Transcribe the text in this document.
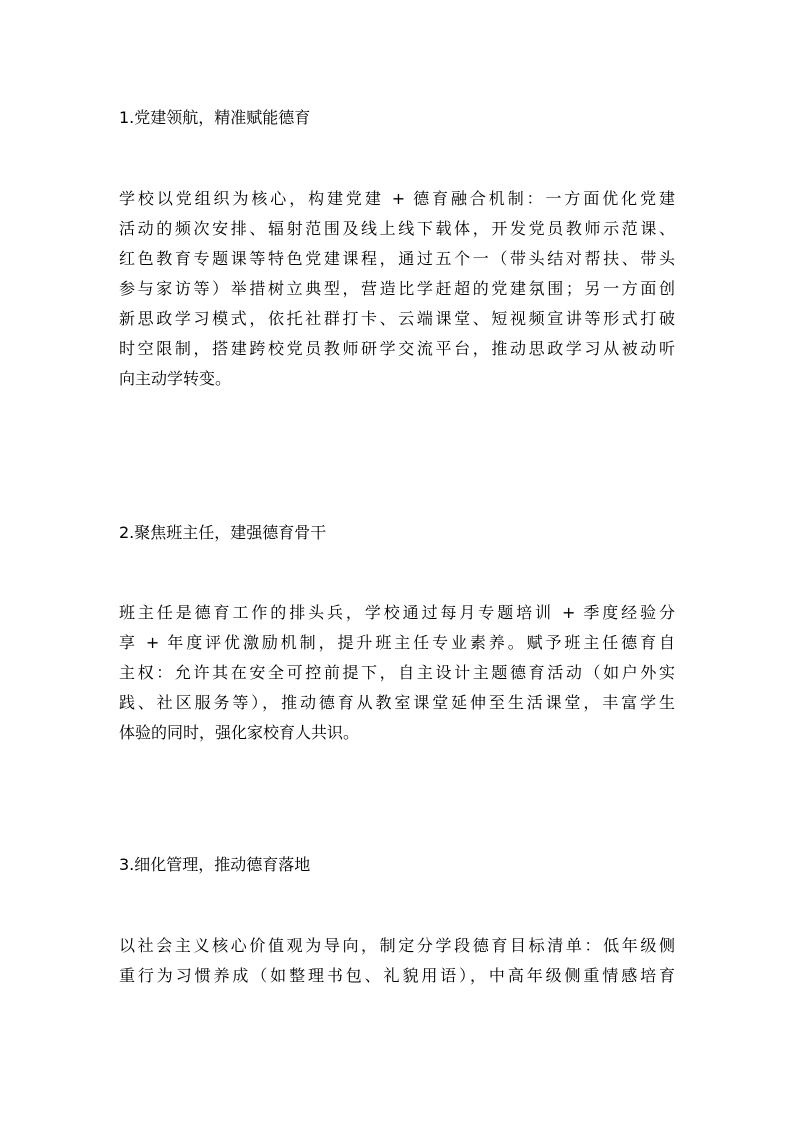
1.党建领航，精准赋能德育
学校以党组织为核心，构建党建 + 德育融合机制：一方面优化党建
活动的频次安排、辐射范围及线上线下载体，开发党员教师示范课、
红色教育专题课等特色党建课程，通过五个一（带头结对帮扶、带头
参与家访等）举措树立典型，营造比学赶超的党建氛围；另一方面创
新思政学习模式，依托社群打卡、云端课堂、短视频宣讲等形式打破
时空限制，搭建跨校党员教师研学交流平台，推动思政学习从被动听
向主动学转变。
2.聚焦班主任，建强德育骨干
班主任是德育工作的排头兵，学校通过每月专题培训 + 季度经验分
享 + 年度评优激励机制，提升班主任专业素养。赋予班主任德育自
主权：允许其在安全可控前提下，自主设计主题德育活动（如户外实
践、社区服务等），推动德育从教室课堂延伸至生活课堂，丰富学生
体验的同时，强化家校育人共识。
3.细化管理，推动德育落地
以社会主义核心价值观为导向，制定分学段德育目标清单：低年级侧
重行为习惯养成（如整理书包、礼貌用语），中高年级侧重情感培育
